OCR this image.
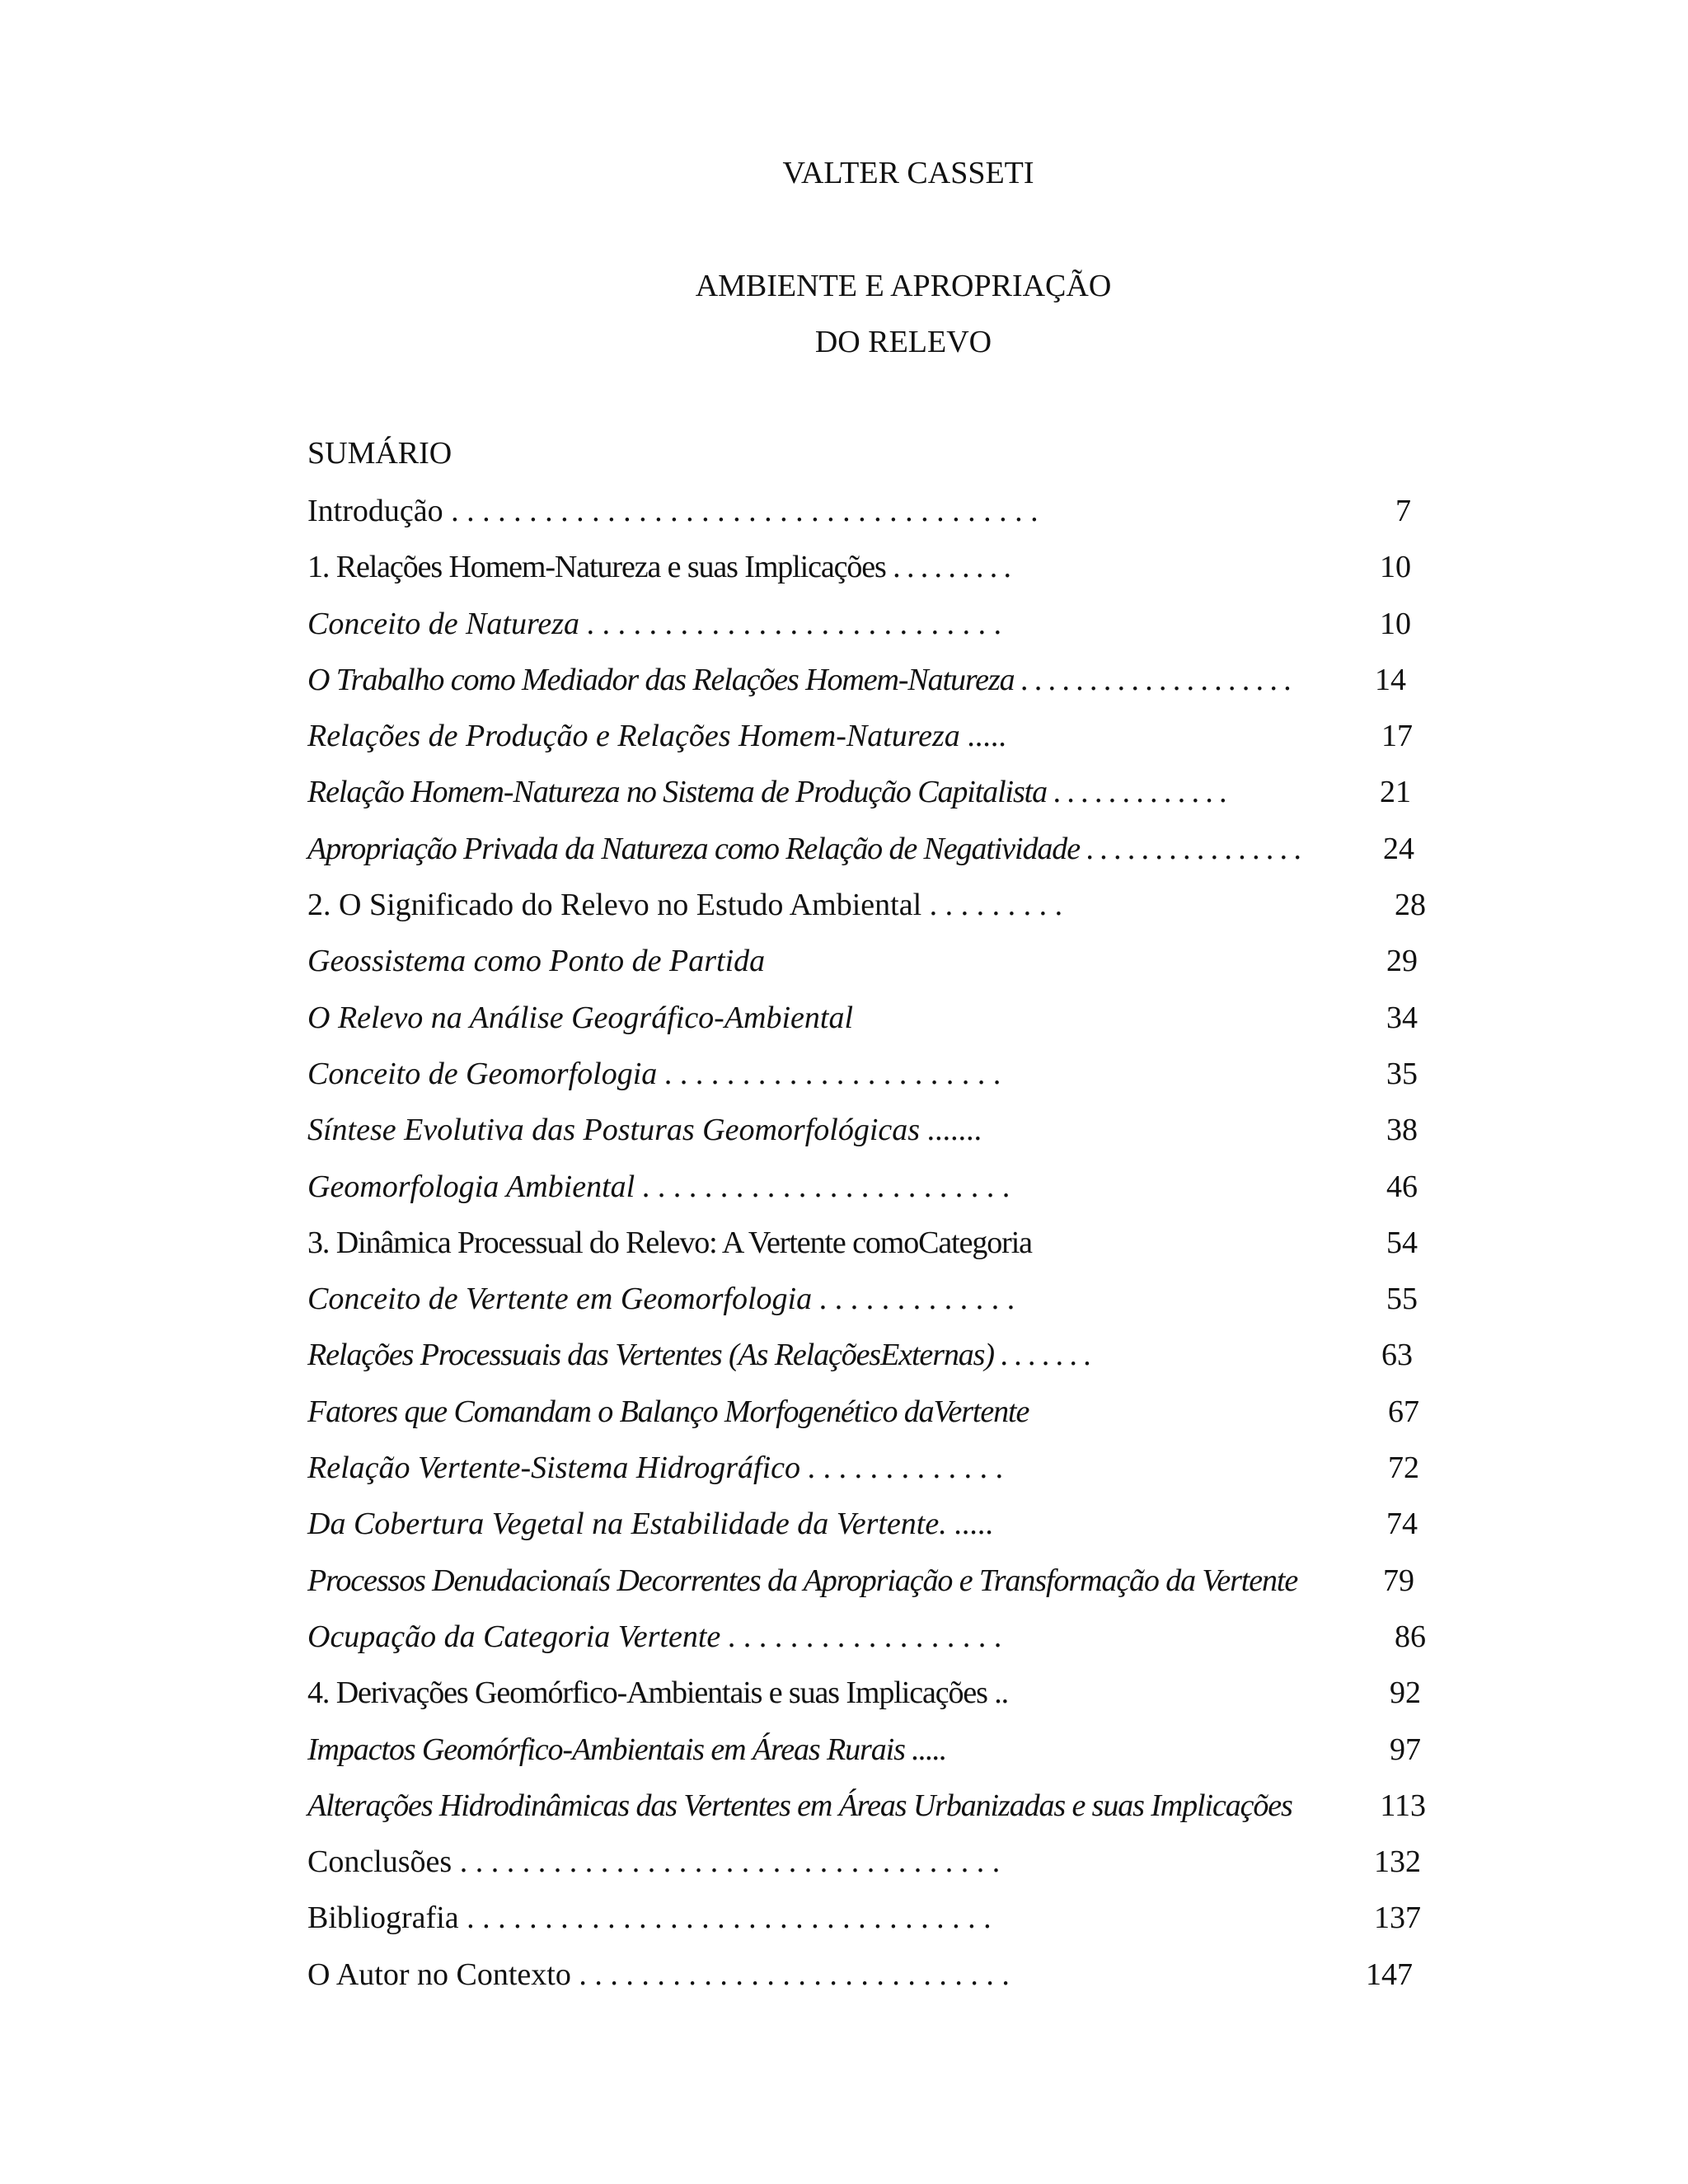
VALTER CASSETI
AMBIENTE E APROPRIAÇÃO
DO RELEVO
SUMÁRIO
Introdução . . . . . . . . . . . . . . . . . . . . . . . . . . . . . . . . . . . . . .	7
1. Relações Homem-Natureza e suas Implicações . . . . . . . . .	10
Conceito de Natureza . . . . . . . . . . . . . . . . . . . . . . . . . . .	10
O Trabalho como Mediador das Relações Homem-Natureza . . . . . . . . . . . . . . . . . . . .	14
Relações de Produção e Relações Homem-Natureza .....	17
Relação Homem-Natureza no Sistema de Produção Capitalista . . . . . . . . . . . . .	21
Apropriação Privada da Natureza como Relação de Negatividade . . . . . . . . . . . . . . . .	24
2. O Significado do Relevo no Estudo Ambiental . . . . . . . . .	28
Geossistema como Ponto de Partida	29
O Relevo na Análise Geográfico-Ambiental	34
Conceito de Geomorfologia . . . . . . . . . . . . . . . . . . . . . .	35
Síntese Evolutiva das Posturas Geomorfológicas .......	38
Geomorfologia Ambiental . . . . . . . . . . . . . . . . . . . . . . . .	46
3. Dinâmica Processual do Relevo: A Vertente comoCategoria	54
Conceito de Vertente em Geomorfologia . . . . . . . . . . . . .	55
Relações Processuais das Vertentes (As RelaçõesExternas) . . . . . . .	63
Fatores que Comandam o Balanço Morfogenético daVertente	67
Relação Vertente-Sistema Hidrográfico . . . . . . . . . . . . .	72
Da Cobertura Vegetal na Estabilidade da Vertente. .....	74
Processos Denudacionaís Decorrentes da Apropriação e Transformação da Vertente	79
Ocupação da Categoria Vertente . . . . . . . . . . . . . . . . . .	86
4. Derivações Geomórfico-Ambientais e suas Implicações ..	92
Impactos Geomórfico-Ambientais em Áreas Rurais .....	97
Alterações Hidrodinâmicas das Vertentes em Áreas Urbanizadas e suas Implicações	113
Conclusões . . . . . . . . . . . . . . . . . . . . . . . . . . . . . . . . . . .	132
Bibliografia . . . . . . . . . . . . . . . . . . . . . . . . . . . . . . . . . .	137
O Autor no Contexto . . . . . . . . . . . . . . . . . . . . . . . . . . . .	147
